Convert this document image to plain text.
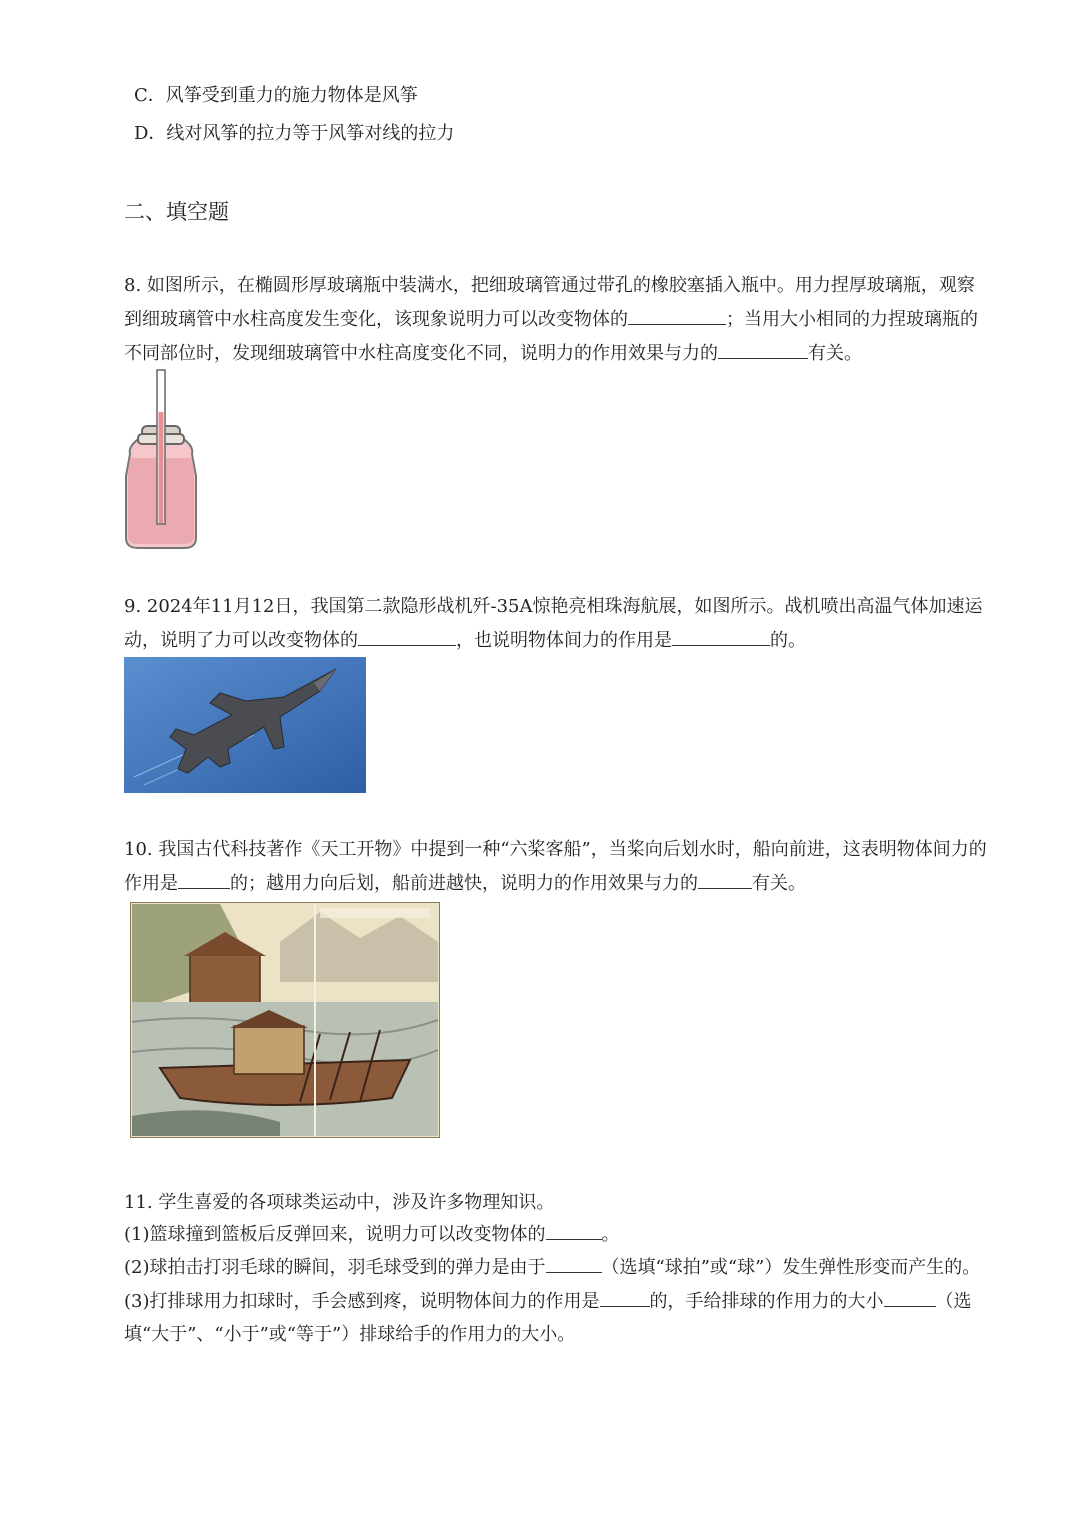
C．风筝受到重力的施力物体是风筝
D．线对风筝的拉力等于风筝对线的拉力
二、填空题
8. 如图所示，在椭圆形厚玻璃瓶中装满水，把细玻璃管通过带孔的橡胶塞插入瓶中。用力捏厚玻璃瓶，观察
到细玻璃管中水柱高度发生变化，该现象说明力可以改变物体的	；当用大小相同的力捏玻璃瓶的
不同部位时，发现细玻璃管中水柱高度变化不同，说明力的作用效果与力的	有关。
9. 2024年11月12日，我国第二款隐形战机歼-35A惊艳亮相珠海航展，如图所示。战机喷出高温气体加速运
动，说明了力可以改变物体的	，也说明物体间力的作用是	的。
10. 我国古代科技著作《天工开物》中提到一种“六桨客船”，当桨向后划水时，船向前进，这表明物体间力的
作用是	的；越用力向后划，船前进越快，说明力的作用效果与力的	有关。
11. 学生喜爱的各项球类运动中，涉及许多物理知识。
(1)篮球撞到篮板后反弹回来，说明力可以改变物体的	。
(2)球拍击打羽毛球的瞬间，羽毛球受到的弹力是由于	（选填“球拍”或“球”）发生弹性形变而产生的。
(3)打排球用力扣球时，手会感到疼，说明物体间力的作用是	的，手给排球的作用力的大小	（选
填“大于”、“小于”或“等于”）排球给手的作用力的大小。
